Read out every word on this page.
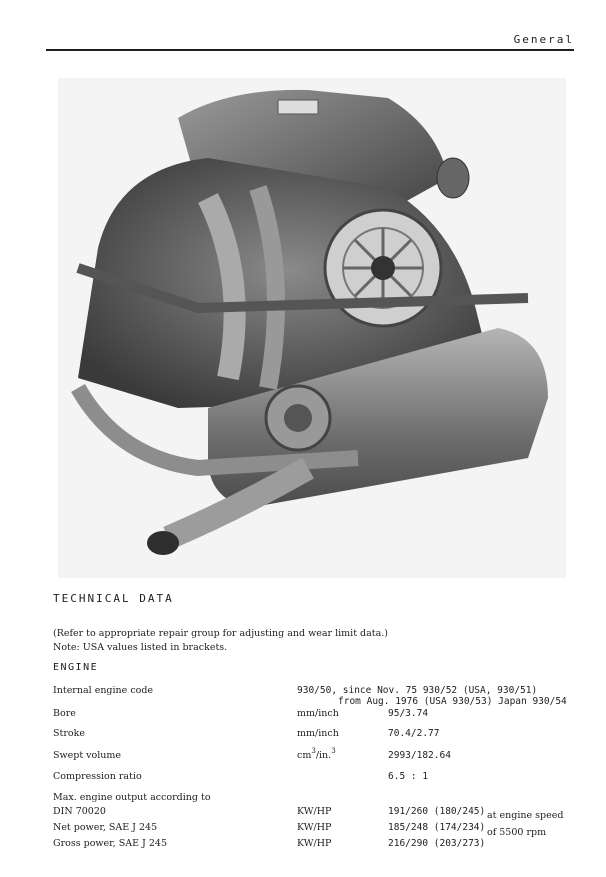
General
TECHNICAL DATA
(Refer to appropriate repair group for adjusting and wear limit data.)
Note: USA values listed in brackets.
ENGINE
Internal engine code	930/50, since Nov. 75 930/52 (USA, 930/51)
from Aug. 1976 (USA 930/53) Japan 930/54
Bore	mm/inch	95/3.74
Stroke	mm/inch	70.4/2.77
Swept volume	$cm^3/in.^3$	2993/182.64
Compression ratio	6.5 : 1
Max. engine output according to
DIN 70020	KW/HP	191/260 (180/245)
Net power, SAE J 245	KW/HP	185/248 (174/234)
Gross power, SAE J 245	KW/HP	216/290 (203/273)
at engine speed
of 5500 rpm
